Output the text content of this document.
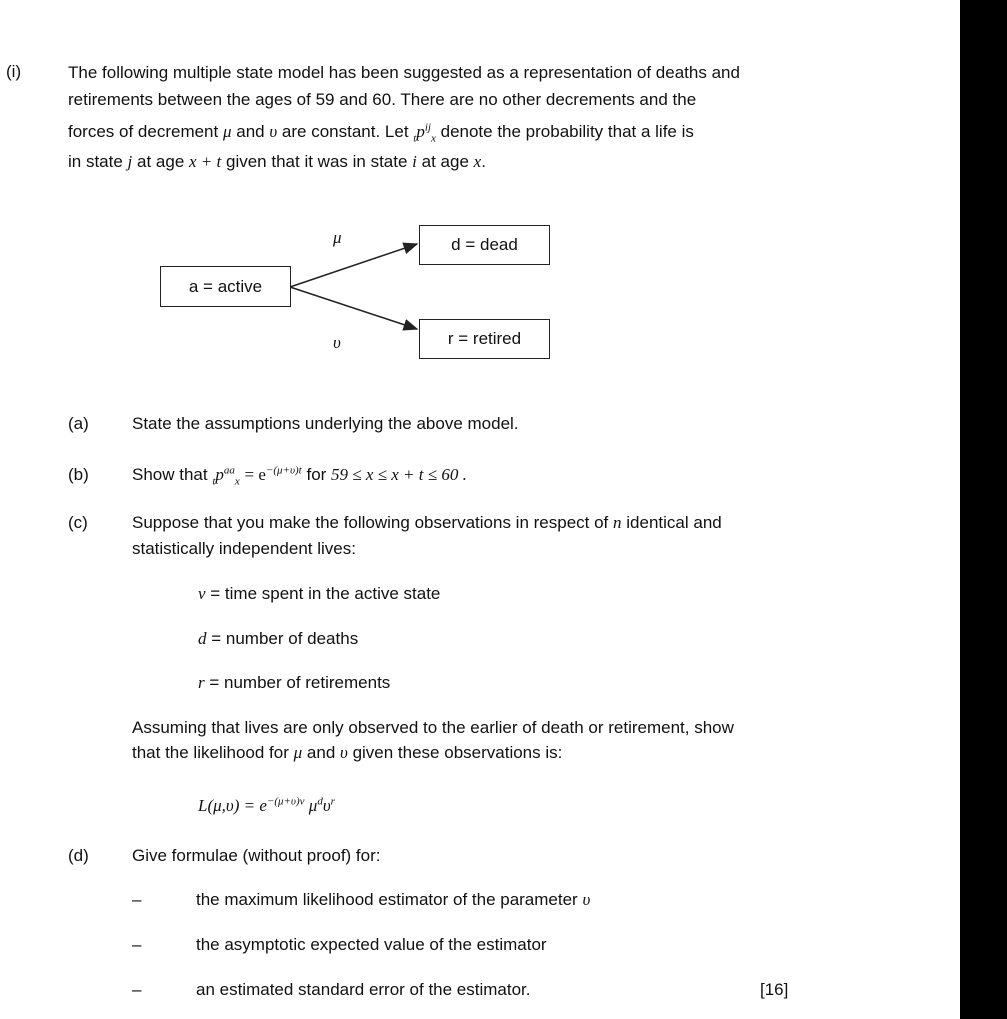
(i)	The following multiple state model has been suggested as a representation of deaths and
retirements between the ages of 59 and 60. There are no other decrements and the
forces of decrement μ and υ are constant. Let $_tp^{ij}_x$ denote the probability that a life is
in state j at age x + t given that it was in state i at age x.
a = active
d = dead
r = retired
μ
υ
(a)	State the assumptions underlying the above model.
(b)	Show that $_tp^{aa}_x = e^{-(\mu+\upsilon)t}$ for 59 ≤ x ≤ x + t ≤ 60 .
(c)	Suppose that you make the following observations in respect of n identical and
statistically independent lives:
v = time spent in the active state
d = number of deaths
r = number of retirements
Assuming that lives are only observed to the earlier of death or retirement, show
that the likelihood for μ and υ given these observations is:
$L(\mu,\upsilon) = e^{-(\mu+\upsilon)v}$ $\mu^d\upsilon^r$
(d)	Give formulae (without proof) for:
–	the maximum likelihood estimator of the parameter υ
–	the asymptotic expected value of the estimator
–	an estimated standard error of the estimator.	[16]
